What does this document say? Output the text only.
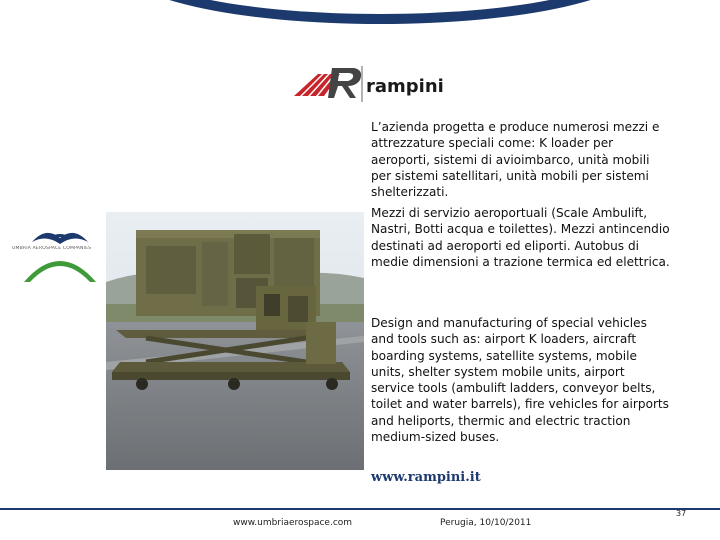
rampini
UMBRIA AEROSPACE COMPANIES

L’azienda progetta e produce numerosi mezzi e attrezzature speciali come: K loader per aeroporti, sistemi di avioimbarco, unità mobili per sistemi satellitari, unità mobili per sistemi shelterizzati.

Mezzi di servizio aeroportuali (Scale Ambulift, Nastri, Botti acqua e toilettes). Mezzi antincendio destinati ad aeroporti ed eliporti. Autobus di medie dimensioni a trazione termica ed elettrica.

Design and manufacturing of special vehicles and tools such as: airport K loaders, aircraft boarding systems, satellite systems, mobile units, shelter system mobile units, airport service tools (ambulift ladders, conveyor belts, toilet and water barrels), fire vehicles for airports and heliports, thermic and electric traction medium-sized buses.

www.rampini.it
www.umbriaerospace.com	Perugia, 10/10/2011
37
